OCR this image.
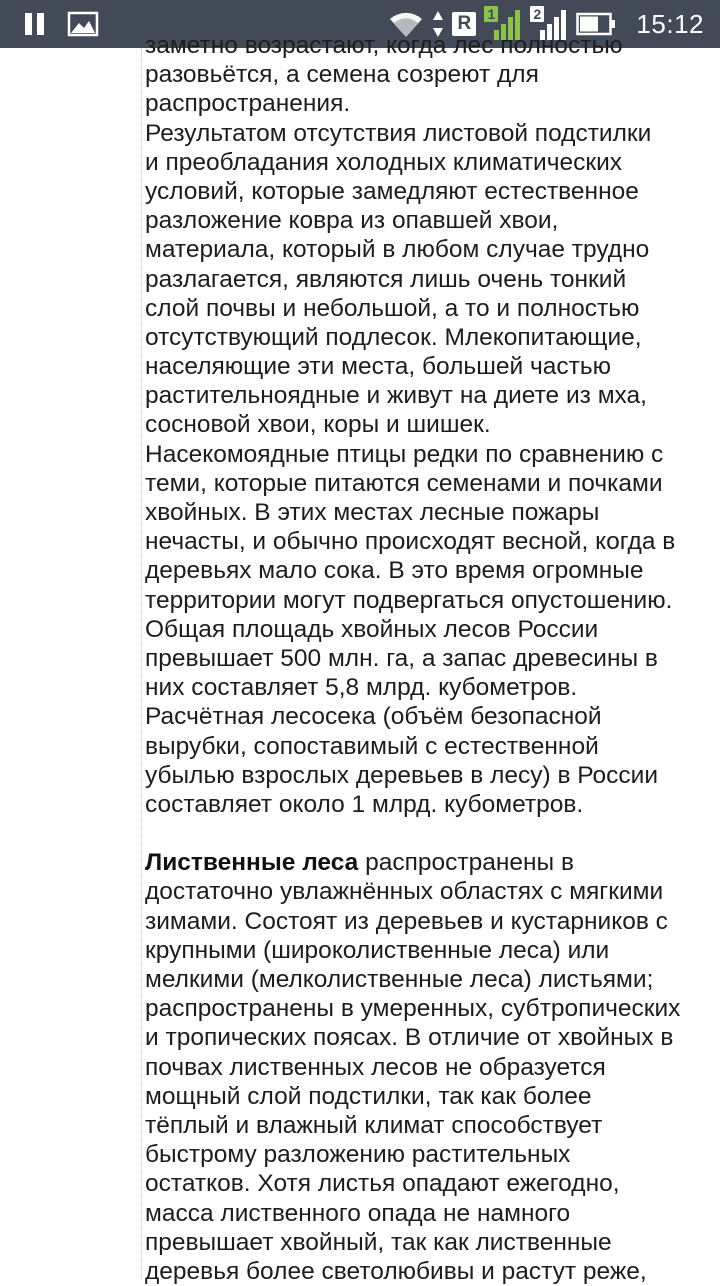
R	1	2	15:12
заметно возрастают, когда лес полностью
разовьётся, а семена созреют для
распространения.
Результатом отсутствия листовой подстилки
и преобладания холодных климатических
условий, которые замедляют естественное
разложение ковра из опавшей хвои,
материала, который в любом случае трудно
разлагается, являются лишь очень тонкий
слой почвы и небольшой, а то и полностью
отсутствующий подлесок. Млекопитающие,
населяющие эти места, большей частью
растительноядные и живут на диете из мха,
сосновой хвои, коры и шишек.
Насекомоядные птицы редки по сравнению с
теми, которые питаются семенами и почками
хвойных. В этих местах лесные пожары
нечасты, и обычно происходят весной, когда в
деревьях мало сока. В это время огромные
территории могут подвергаться опустошению.
Общая площадь хвойных лесов России
превышает 500 млн. га, а запас древесины в
них составляет 5,8 млрд. кубометров.
Расчётная лесосека (объём безопасной
вырубки, сопоставимый с естественной
убылью взрослых деревьев в лесу) в России
составляет около 1 млрд. кубометров.
Лиственные леса распространены в
достаточно увлажнённых областях с мягкими
зимами. Состоят из деревьев и кустарников с
крупными (широколиственные леса) или
мелкими (мелколиственные леса) листьями;
распространены в умеренных, субтропических
и тропических поясах. В отличие от хвойных в
почвах лиственных лесов не образуется
мощный слой подстилки, так как более
тёплый и влажный климат способствует
быстрому разложению растительных
остатков. Хотя листья опадают ежегодно,
масса лиственного опада не намного
превышает хвойный, так как лиственные
деревья более светолюбивы и растут реже,
